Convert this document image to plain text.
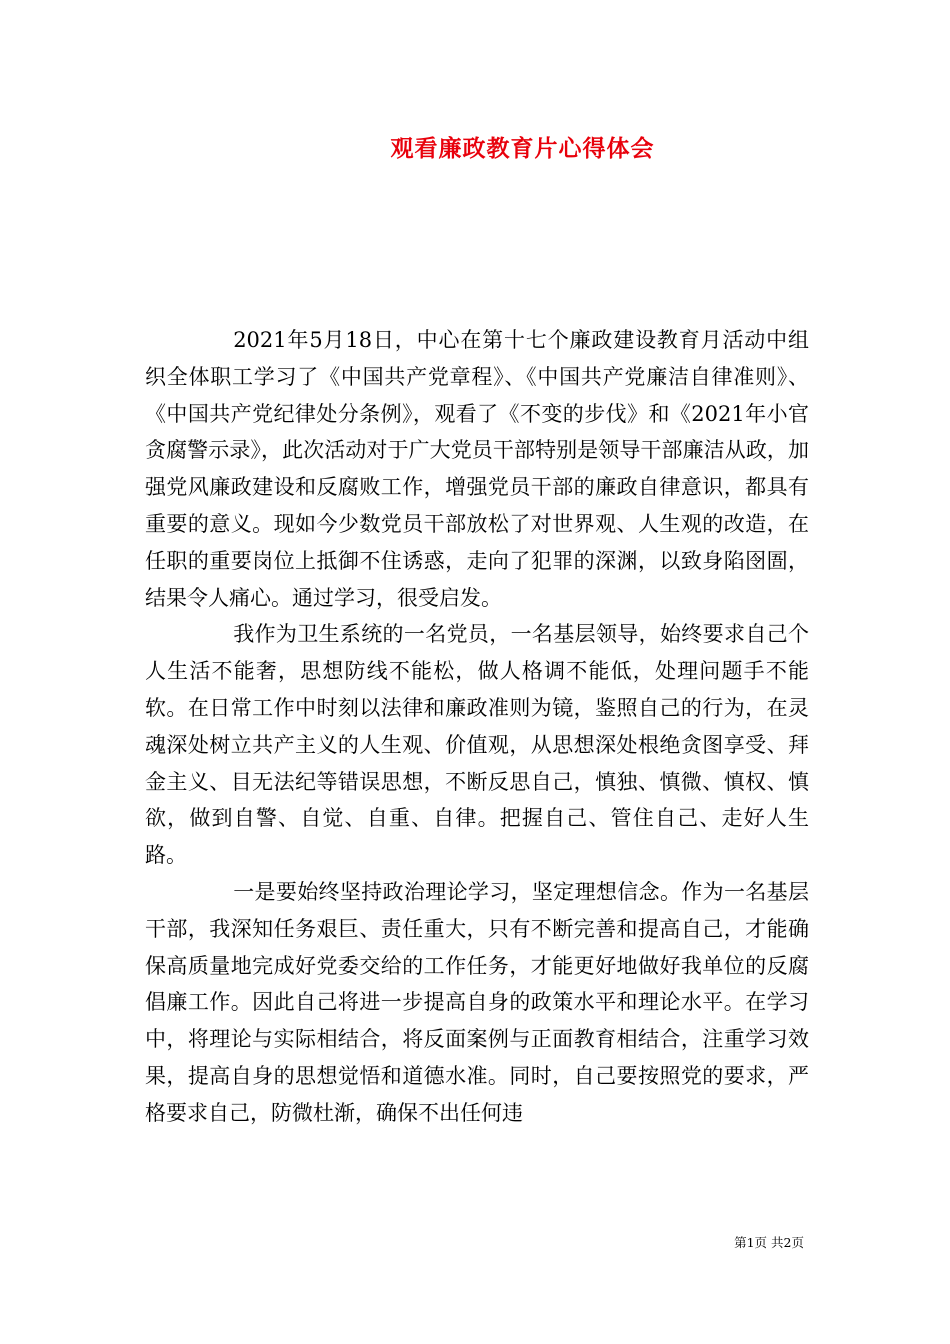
观看廉政教育片心得体会

2021年5月18日，中心在第十七个廉政建设教育月活动中组织全体职工学习了《中国共产党章程》、《中国共产党廉洁自律准则》、《中国共产党纪律处分条例》，观看了《不变的步伐》和《2021年小官贪腐警示录》，此次活动对于广大党员干部特别是领导干部廉洁从政，加强党风廉政建设和反腐败工作，增强党员干部的廉政自律意识，都具有重要的意义。现如今少数党员干部放松了对世界观、人生观的改造，在任职的重要岗位上抵御不住诱惑，走向了犯罪的深渊，以致身陷囹圄，结果令人痛心。通过学习，很受启发。

我作为卫生系统的一名党员，一名基层领导，始终要求自己个人生活不能奢，思想防线不能松，做人格调不能低，处理问题手不能软。在日常工作中时刻以法律和廉政准则为镜，鉴照自己的行为，在灵魂深处树立共产主义的人生观、价值观，从思想深处根绝贪图享受、拜金主义、目无法纪等错误思想，不断反思自己，慎独、慎微、慎权、慎欲，做到自警、自觉、自重、自律。把握自己、管住自己、走好人生路。

一是要始终坚持政治理论学习，坚定理想信念。作为一名基层干部，我深知任务艰巨、责任重大，只有不断完善和提高自己，才能确保高质量地完成好党委交给的工作任务，才能更好地做好我单位的反腐倡廉工作。因此自己将进一步提高自身的政策水平和理论水平。在学习中，将理论与实际相结合，将反面案例与正面教育相结合，注重学习效果，提高自身的思想觉悟和道德水准。同时，自己要按照党的要求，严格要求自己，防微杜渐，确保不出任何违

第1页 共2页
